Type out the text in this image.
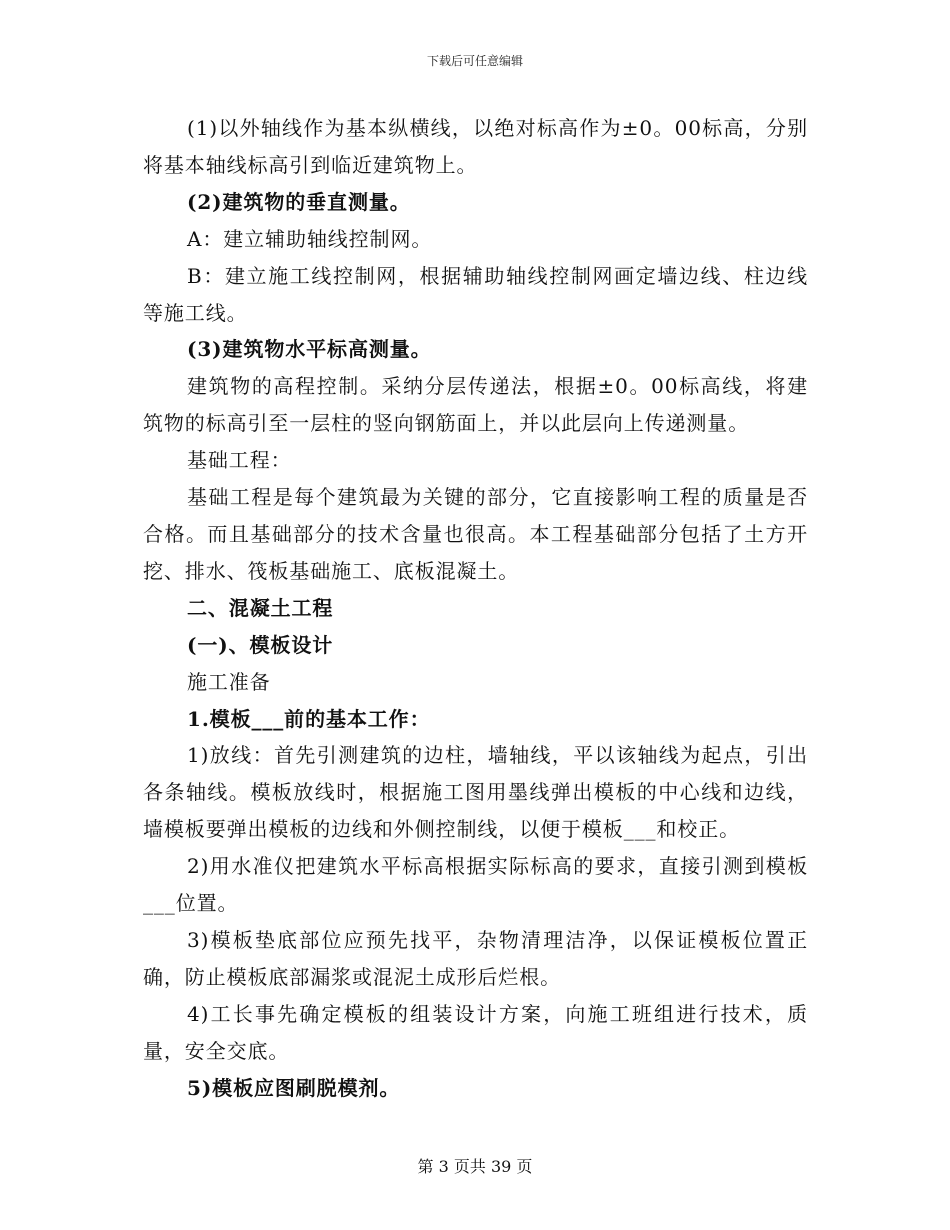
下载后可任意编辑

(1)以外轴线作为基本纵横线，以绝对标高作为±0。00标高，分别将基本轴线标高引到临近建筑物上。

(2)建筑物的垂直测量。

A：建立辅助轴线控制网。

B：建立施工线控制网，根据辅助轴线控制网画定墙边线、柱边线等施工线。

(3)建筑物水平标高测量。

建筑物的高程控制。采纳分层传递法，根据±0。00标高线，将建筑物的标高引至一层柱的竖向钢筋面上，并以此层向上传递测量。

基础工程：

基础工程是每个建筑最为关键的部分，它直接影响工程的质量是否合格。而且基础部分的技术含量也很高。本工程基础部分包括了土方开挖、排水、筏板基础施工、底板混凝土。

二、混凝土工程

(一)、模板设计

施工准备

1.模板___前的基本工作：

1)放线：首先引测建筑的边柱，墙轴线，平以该轴线为起点，引出各条轴线。模板放线时，根据施工图用墨线弹出模板的中心线和边线，墙模板要弹出模板的边线和外侧控制线，以便于模板___和校正。

2)用水准仪把建筑水平标高根据实际标高的要求，直接引测到模板___位置。

3)模板垫底部位应预先找平，杂物清理洁净，以保证模板位置正确，防止模板底部漏浆或混泥土成形后烂根。

4)工长事先确定模板的组装设计方案，向施工班组进行技术，质量，安全交底。

5)模板应图刷脱模剂。

第 3 页共 39 页
